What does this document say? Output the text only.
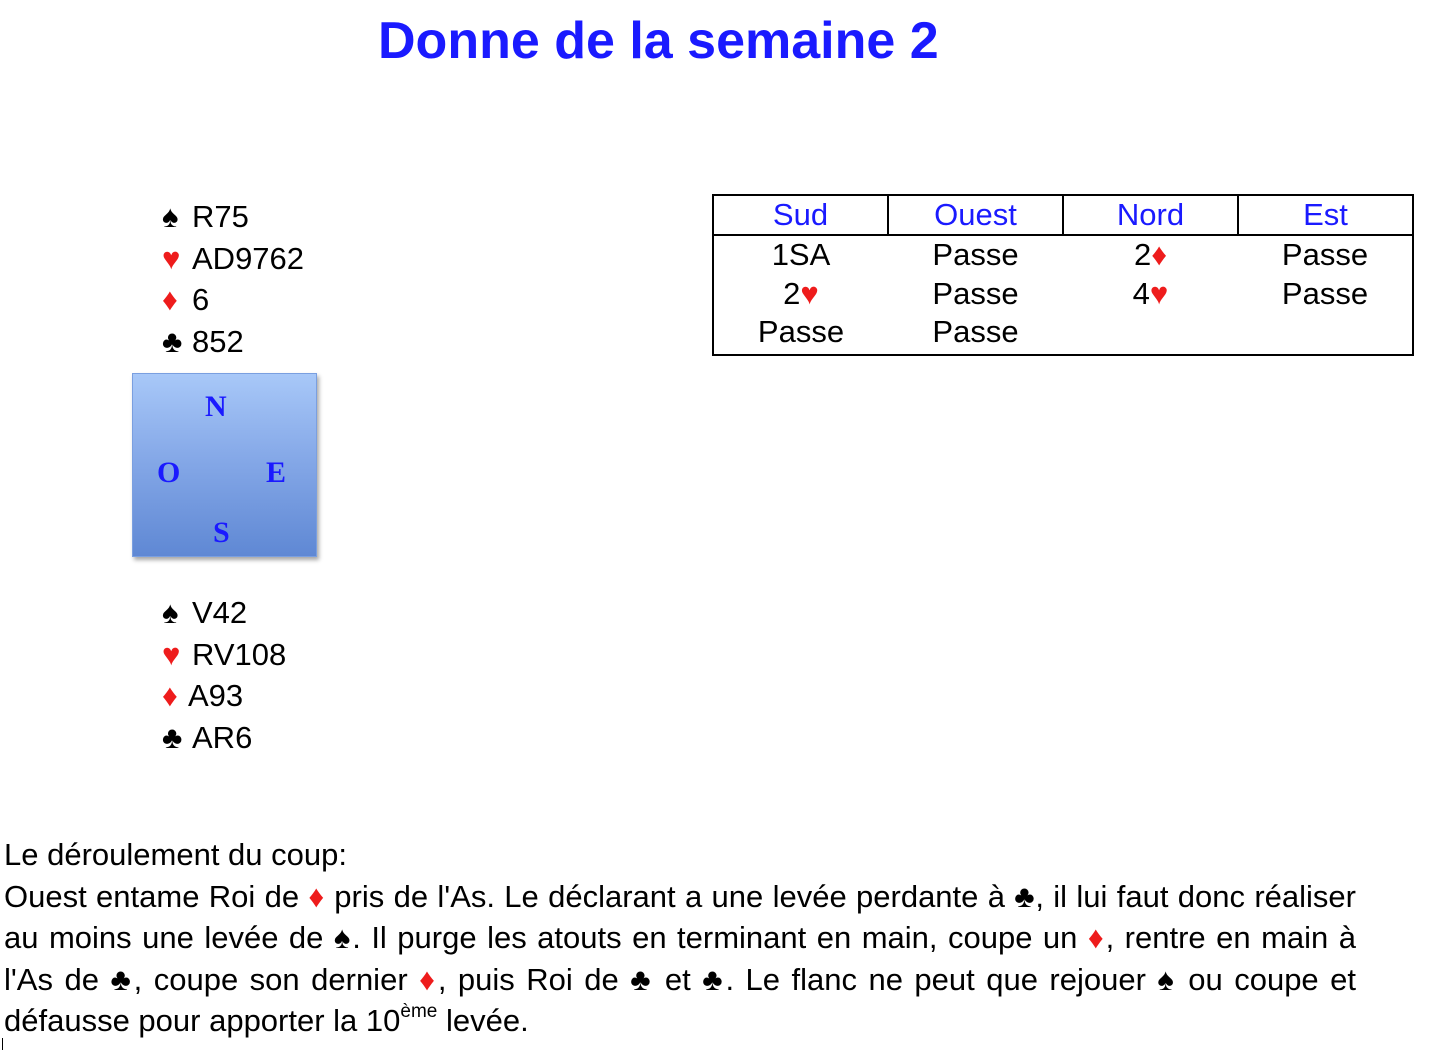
Donne de la semaine 2
♠ R75
♥ AD9762
♦ 6
♣ 852
N
O	E
S
♠ V42
♥ RV108
♦ A93
♣ AR6
Sud	Ouest	Nord	Est
1SA	Passe	2♦	Passe
2♥	Passe	4♥	Passe
Passe	Passe		
Le déroulement du coup:
Ouest entame Roi de ♦ pris de l'As. Le déclarant a une levée perdante à ♣, il lui faut donc réaliser au moins une levée de ♠. Il purge les atouts en terminant en main, coupe un ♦, rentre en main à l'As de ♣, coupe son dernier ♦, puis Roi de ♣ et ♣. Le flanc ne peut que rejouer ♠ ou coupe et défausse pour apporter la 10ème levée.
